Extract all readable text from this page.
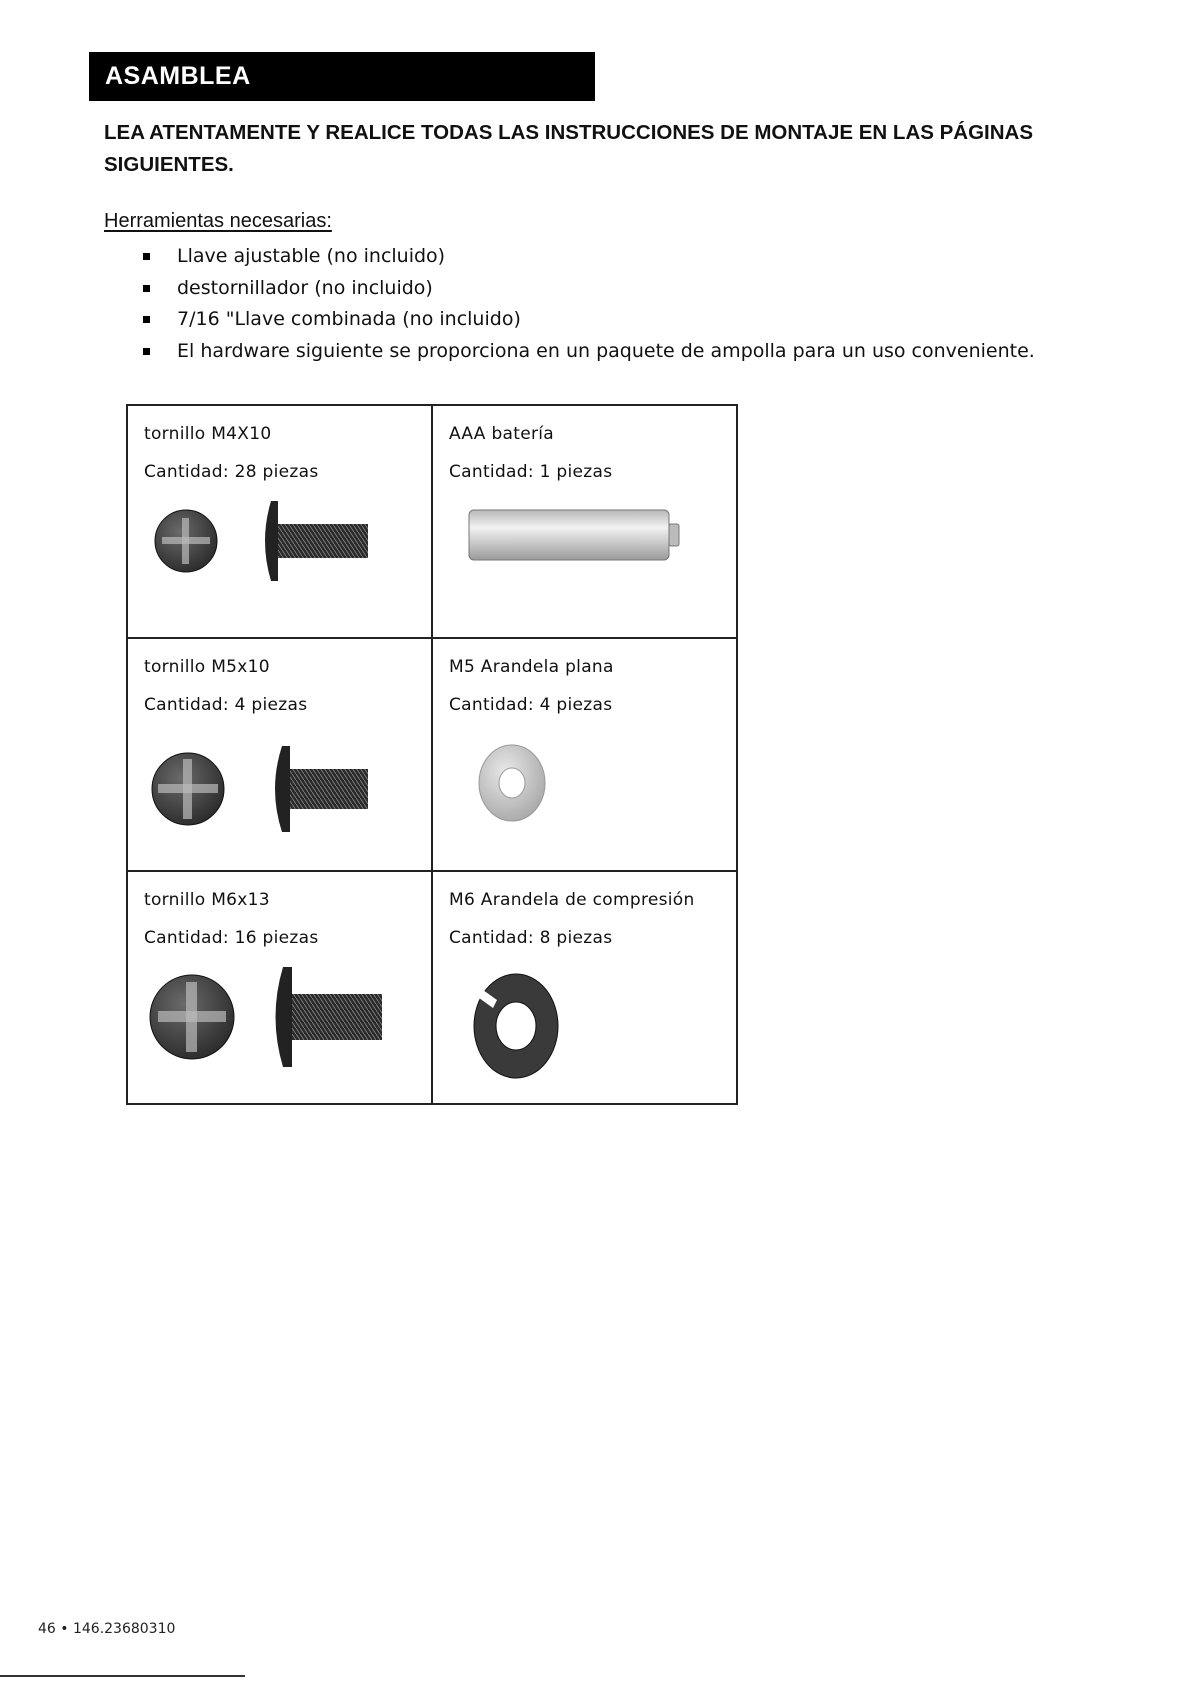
ASAMBLEA
LEA ATENTAMENTE Y REALICE TODAS LAS INSTRUCCIONES DE MONTAJE EN LAS PÁGINAS SIGUIENTES.
Herramientas necesarias:
Llave ajustable (no incluido)
destornillador (no incluido)
7/16 "Llave combinada (no incluido)
El hardware siguiente se proporciona en un paquete de ampolla para un uso conveniente.
tornillo M4X10
Cantidad: 28 piezas
AAA batería
Cantidad: 1 piezas
tornillo M5x10
Cantidad: 4 piezas
M5 Arandela plana
Cantidad: 4 piezas
tornillo M6x13
Cantidad: 16 piezas
M6 Arandela de compresión
Cantidad: 8 piezas
46 • 146.23680310
